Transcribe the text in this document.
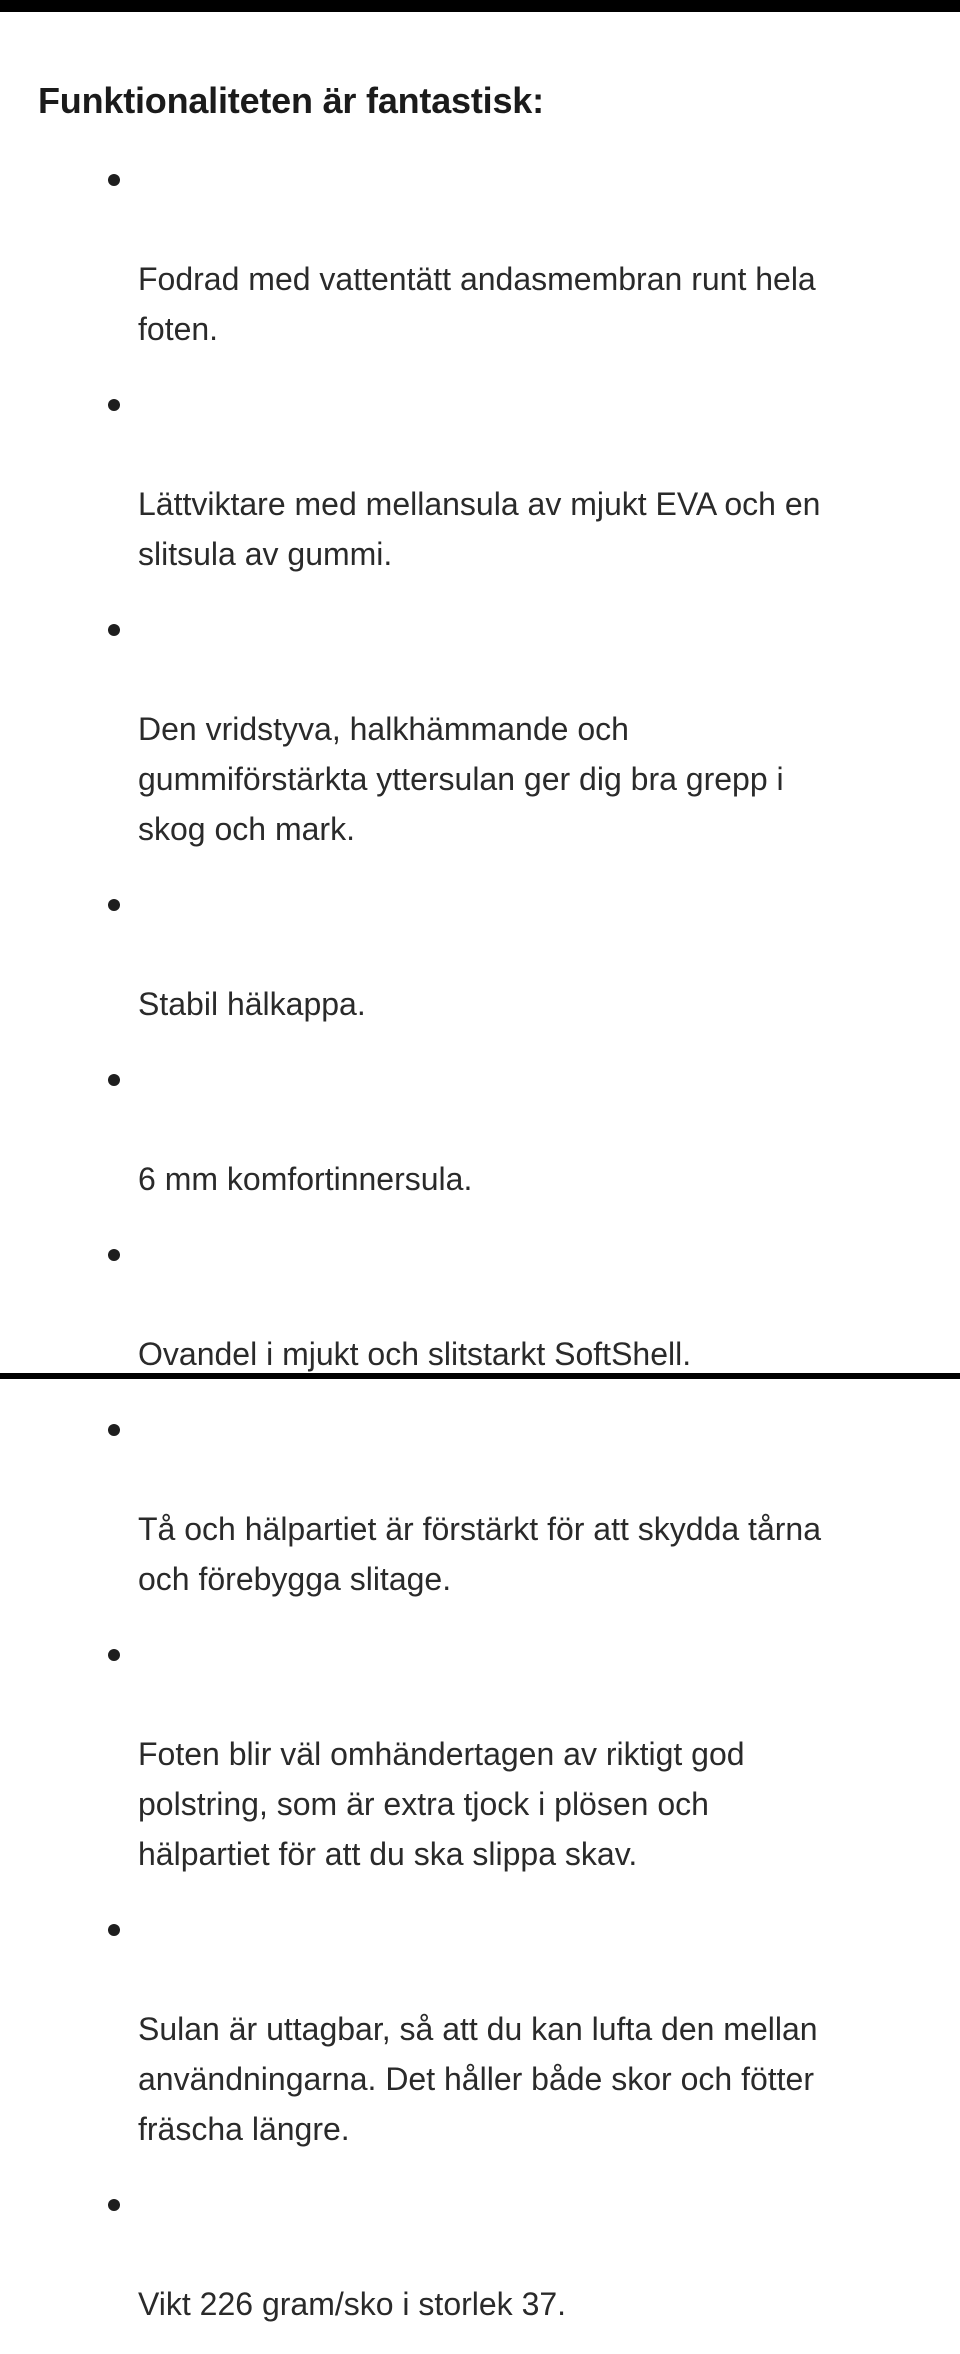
Funktionaliteten är fantastisk:

Fodrad med vattentätt andasmembran runt hela
foten.

Lättviktare med mellansula av mjukt EVA och en
slitsula av gummi.

Den vridstyva, halkhämmande och
gummiförstärkta yttersulan ger dig bra grepp i
skog och mark.

Stabil hälkappa.

6 mm komfortinnersula.

Ovandel i mjukt och slitstarkt SoftShell.

Tå och hälpartiet är förstärkt för att skydda tårna
och förebygga slitage.

Foten blir väl omhändertagen av riktigt god
polstring, som är extra tjock i plösen och
hälpartiet för att du ska slippa skav.

Sulan är uttagbar, så att du kan lufta den mellan
användningarna. Det håller både skor och fötter
fräscha längre.

Vikt 226 gram/sko i storlek 37.
